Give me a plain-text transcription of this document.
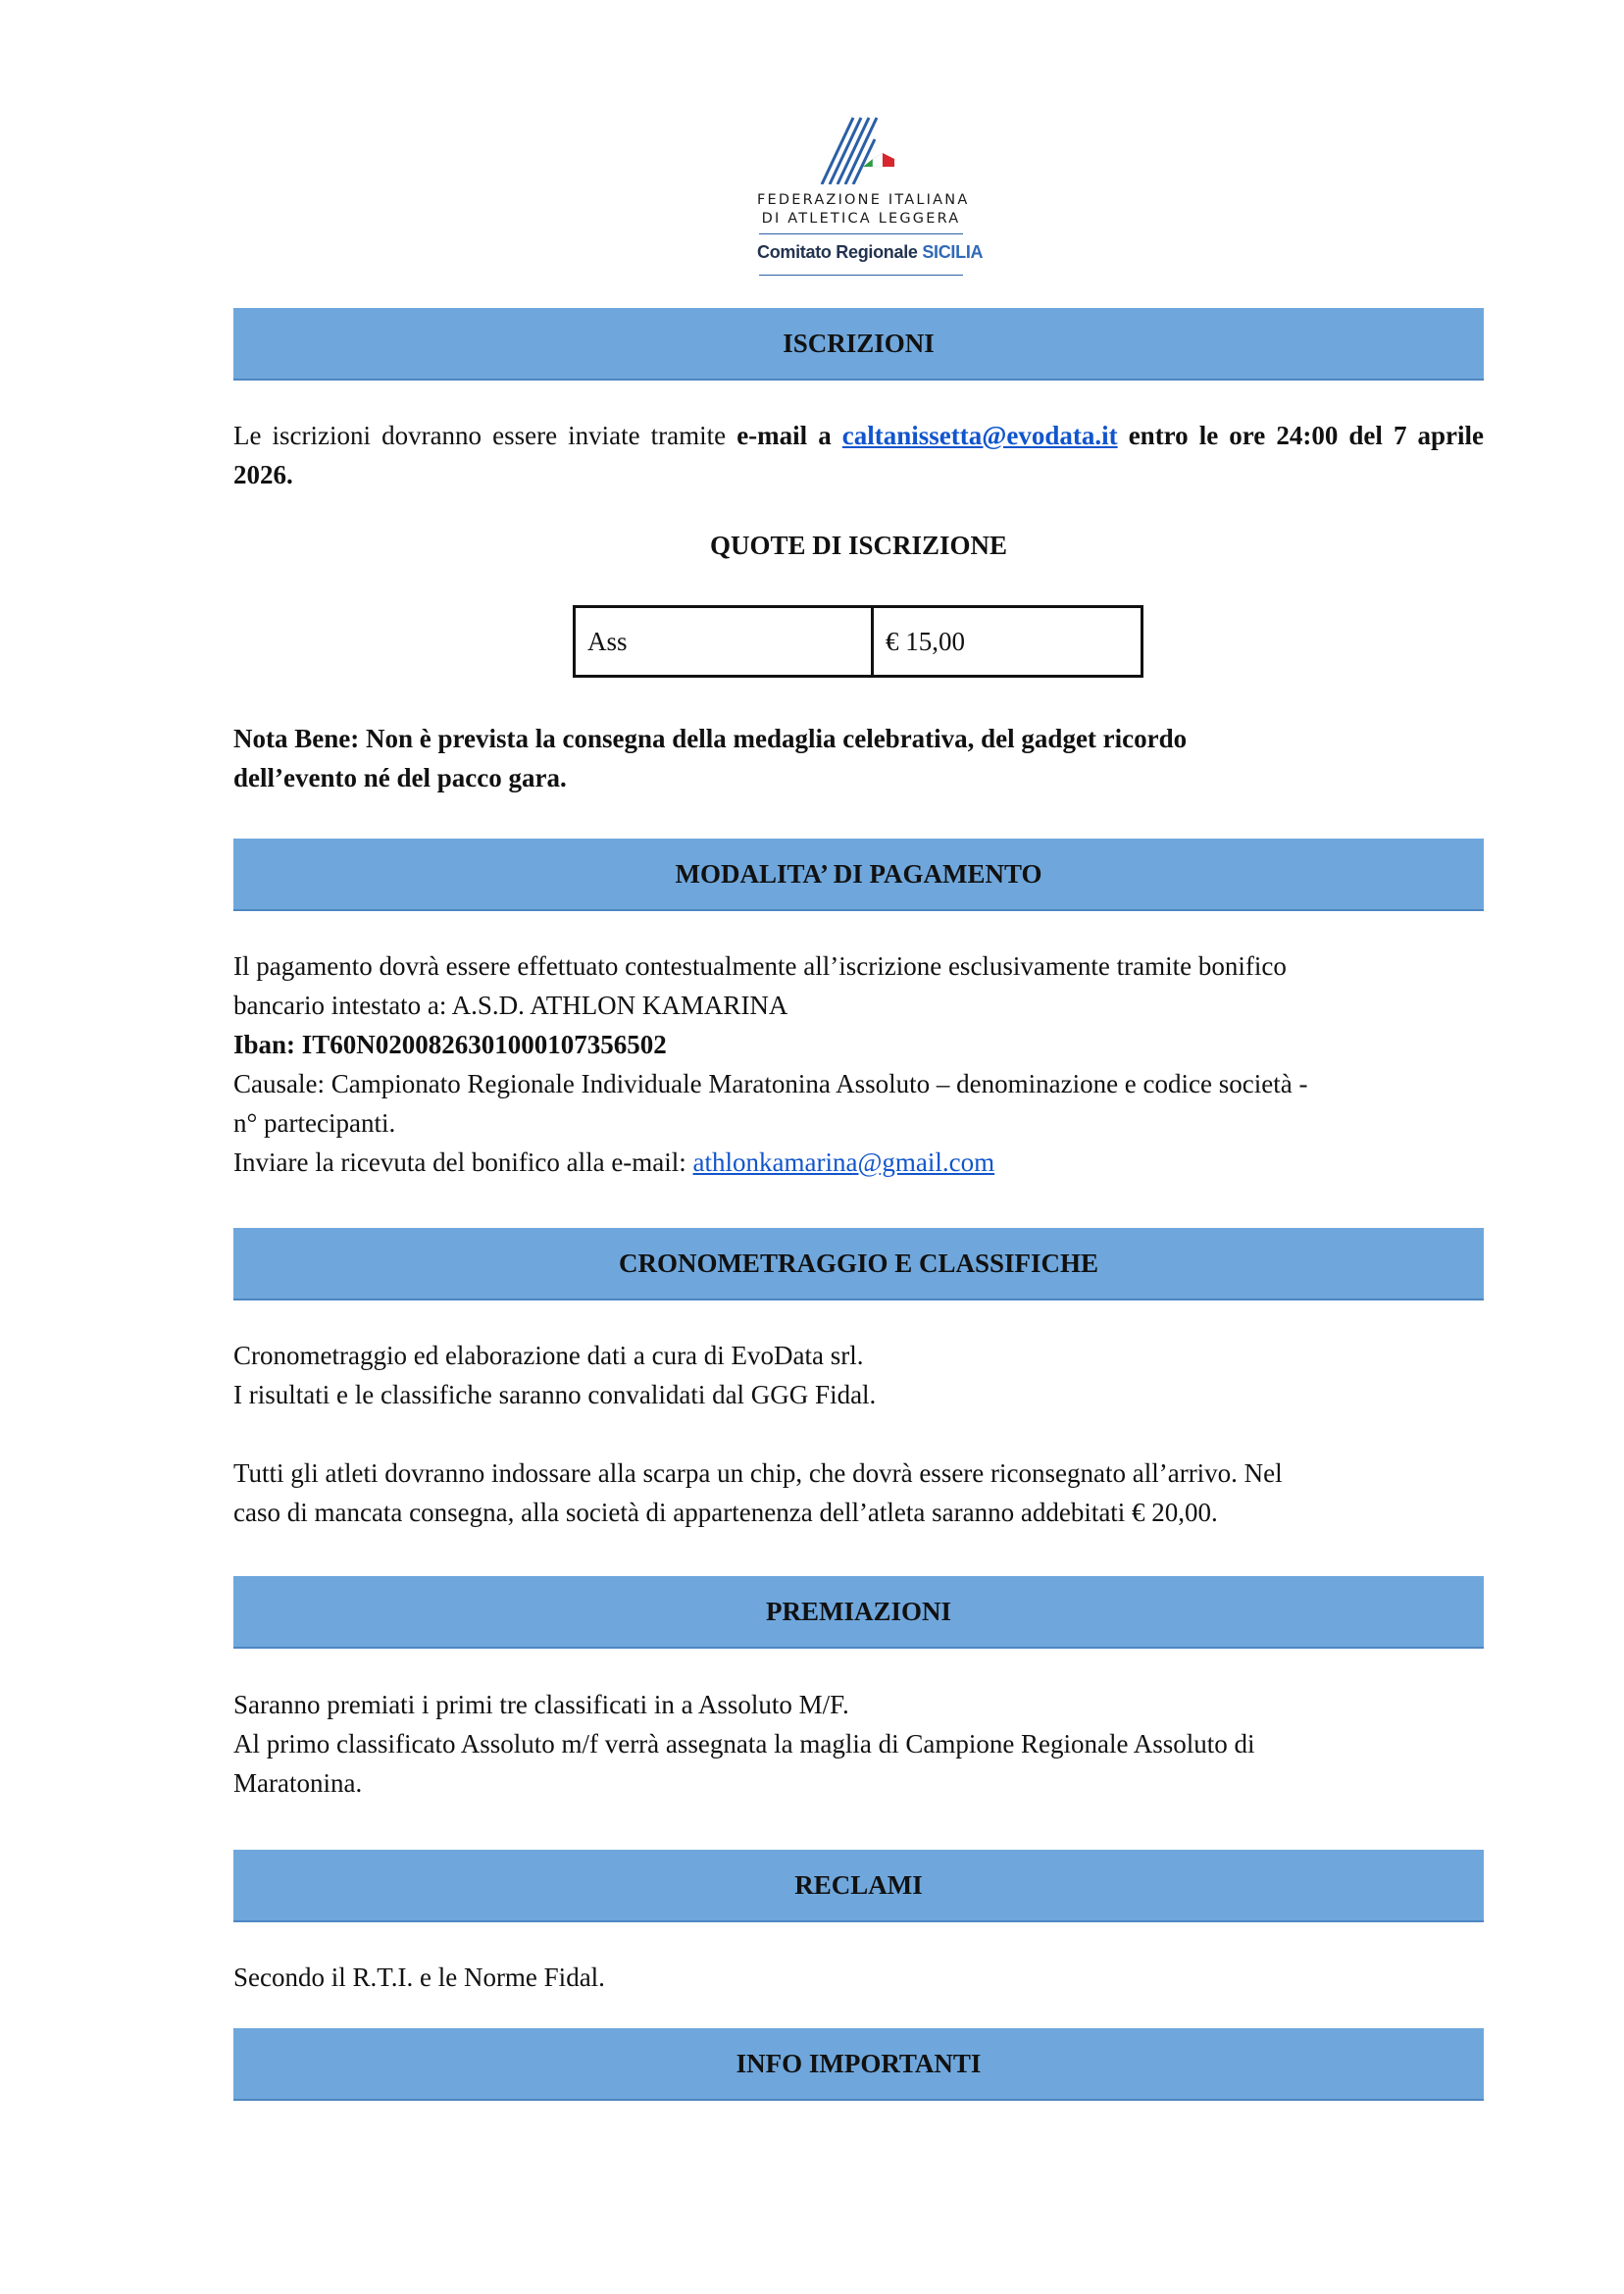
FEDERAZIONE ITALIANA
DI ATLETICA LEGGERA
Comitato Regionale SICILIA
ISCRIZIONI
Le iscrizioni dovranno essere inviate tramite e-mail a caltanissetta@evodata.it entro le ore 24:00 del 7 aprile 2026.
QUOTE DI ISCRIZIONE
Ass	€ 15,00
Nota Bene: Non è prevista la consegna della medaglia celebrativa, del gadget ricordo
dell’evento né del pacco gara.
MODALITA’ DI PAGAMENTO
Il pagamento dovrà essere effettuato contestualmente all’iscrizione esclusivamente tramite bonifico
bancario intestato a: A.S.D. ATHLON KAMARINA
Iban: IT60N0200826301000107356502
Causale: Campionato Regionale Individuale Maratonina Assoluto – denominazione e codice società -
n° partecipanti.
Inviare la ricevuta del bonifico alla e-mail: athlonkamarina@gmail.com
CRONOMETRAGGIO E CLASSIFICHE
Cronometraggio ed elaborazione dati a cura di EvoData srl.
I risultati e le classifiche saranno convalidati dal GGG Fidal.

Tutti gli atleti dovranno indossare alla scarpa un chip, che dovrà essere riconsegnato all’arrivo. Nel
caso di mancata consegna, alla società di appartenenza dell’atleta saranno addebitati € 20,00.
PREMIAZIONI
Saranno premiati i primi tre classificati in a Assoluto M/F.
Al primo classificato Assoluto m/f verrà assegnata la maglia di Campione Regionale Assoluto di
Maratonina.
RECLAMI
Secondo il R.T.I. e le Norme Fidal.
INFO IMPORTANTI
